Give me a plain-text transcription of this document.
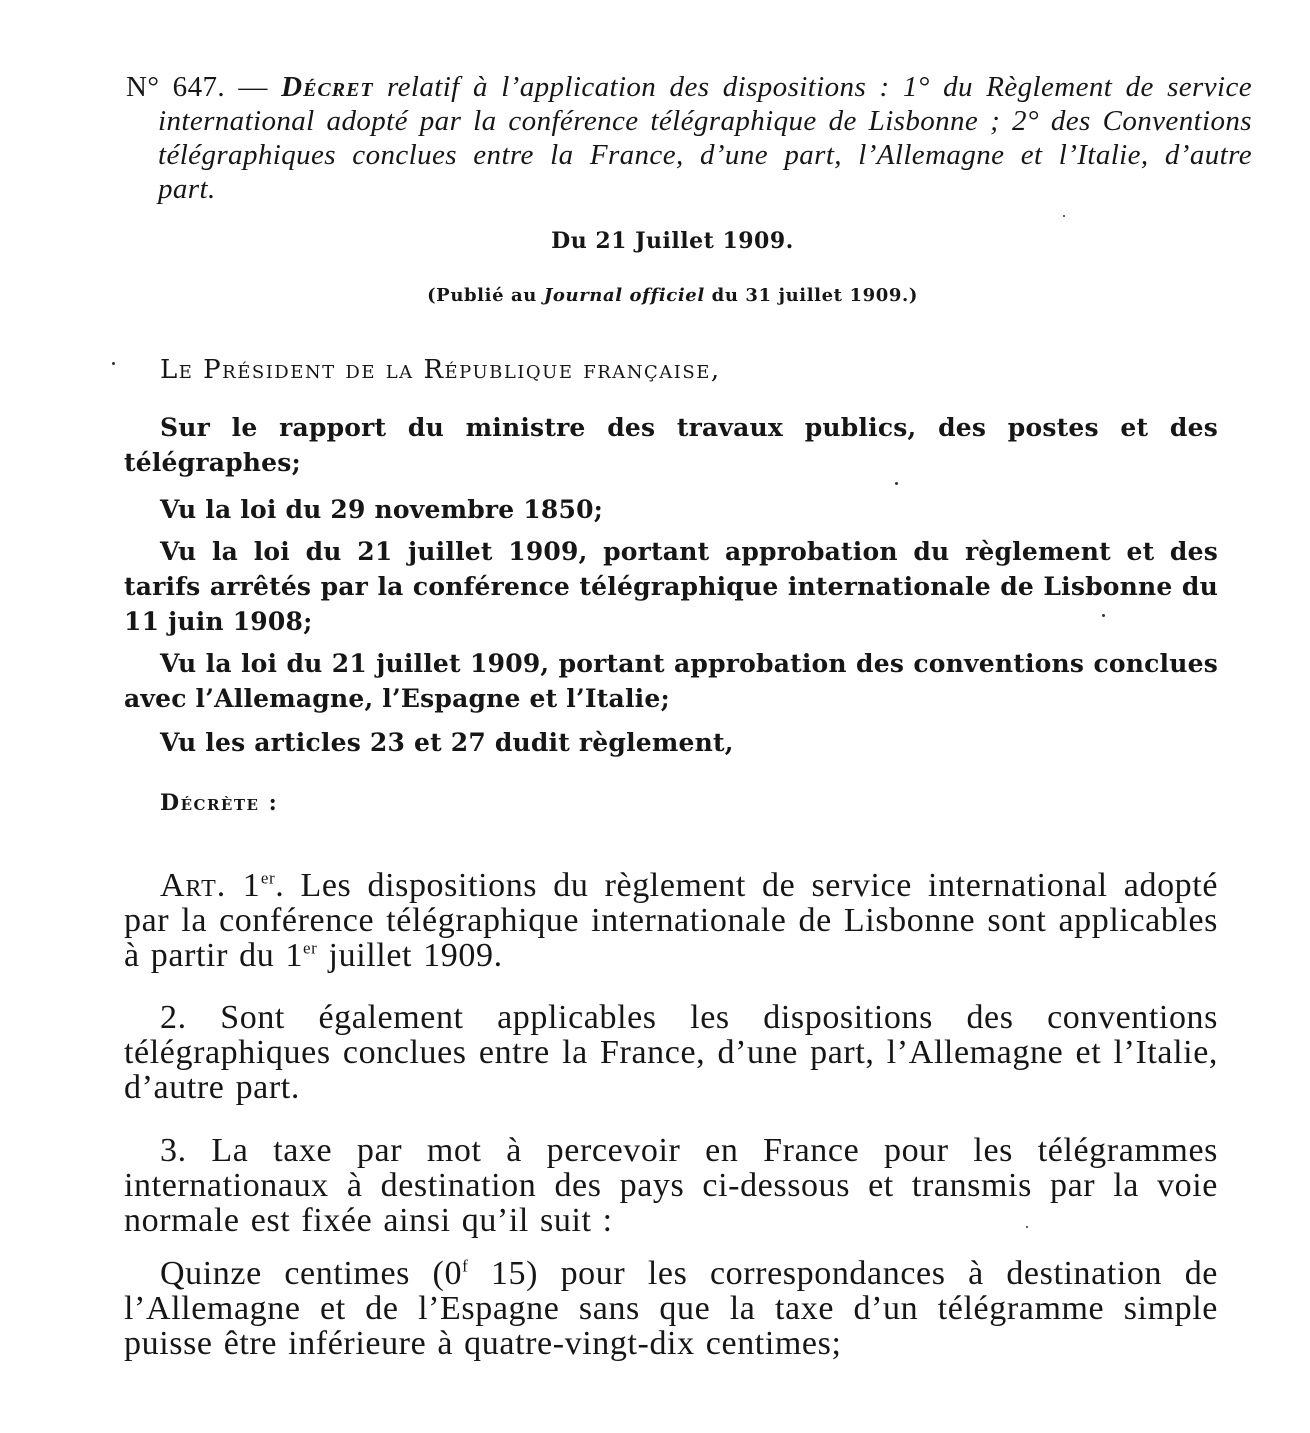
N° 647. — Décret relatif à l’application des dispositions : 1° du Règlement de service international adopté par la conférence télégraphique de Lisbonne ; 2° des Conventions télégraphiques conclues entre la France, d’une part, l’Allemagne et l’Italie, d’autre part.
Du 21 Juillet 1909.
(Publié au Journal officiel du 31 juillet 1909.)
Le Président de la République française,
Sur le rapport du ministre des travaux publics, des postes et des télégraphes;
Vu la loi du 29 novembre 1850;
Vu la loi du 21 juillet 1909, portant approbation du règlement et des tarifs arrêtés par la conférence télégraphique internationale de Lisbonne du 11 juin 1908;
Vu la loi du 21 juillet 1909, portant approbation des conventions conclues avec l’Allemagne, l’Espagne et l’Italie;
Vu les articles 23 et 27 dudit règlement,
Décrète :
Art. 1er. Les dispositions du règlement de service international adopté par la conférence télégraphique internationale de Lisbonne sont applicables à partir du 1er juillet 1909.
2. Sont également applicables les dispositions des conventions télégraphiques conclues entre la France, d’une part, l’Allemagne et l’Italie, d’autre part.
3. La taxe par mot à percevoir en France pour les télégrammes internationaux à destination des pays ci-dessous et transmis par la voie normale est fixée ainsi qu’il suit :
Quinze centimes (0$^f$ 15) pour les correspondances à destination de l’Allemagne et de l’Espagne sans que la taxe d’un télégramme simple puisse être inférieure à quatre-vingt-dix centimes;
